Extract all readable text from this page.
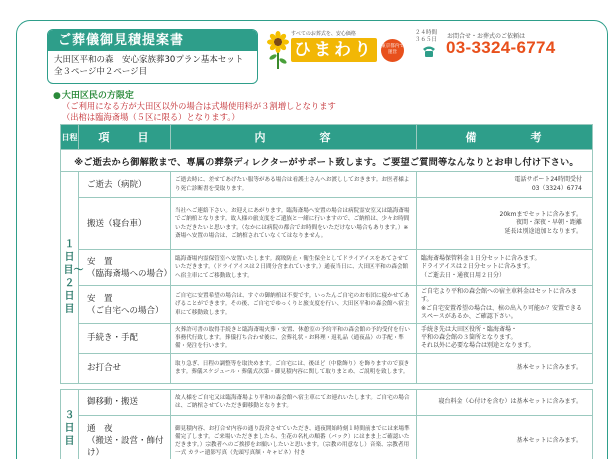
ご葬儀御見積提案書
大田区平和の森　安心家族葬30プラン基本セット
全３ページ中２ページ目
すべてのお葬式を、安心価格
ひまわり	東京都内で運営
２４時間 ３６５日 お問合せ・お葬式のご依頼は
03-3324-6774
● 大田区民の方限定
（ご利用になる方が大田区以外の場合は式場使用料が３割増しとなります
（出棺は臨海斎場（５区に限る）となります。）
日程	項　　目	内　　　　容	備　　　　考
※ご逝去から御解散まで、専属の葬祭ディレクターがサポート致します。ご要望ご質問等なんなりとお申し付け下さい。			
１日目〜２日目	ご逝去（病院）	ご逝去時に、差せてあげたい服等がある場合は看護士さんへお渡ししておきます。お医者様より死亡診断書を受取ります。	電話サポート24時間受付
03（3324）6774
	搬送（寝台車）	当社へご連絡下さい。お迎えにあがります。臨海斎場へ安置の場合は病院霊安室又は臨海斎場でご納棺となります。故人様の旅支度をご遺族と一緒に行いますので、ご納棺は、少々お時間いただきたいと思います。（なかには病院の都合でお時間をいただけない場合もあります。）※斎場へ安置の場合は、ご納棺されていなくてはなりません。	20kmまでセットに含みます。
夜間・深夜・早朝・距離
延長は別途追加となります。
	安　置
（臨海斎場への場合）	臨海斎場内霊保管室へ安置いたします。腐敗防止・衛生保全としてドライアイスをあてさせていただきます。（ドライアイスは２日間分含まれています。）通夜当日に、大田区平和の森会館へ宿主車にてご移動致します。	臨海斎場保管料金１日分セットに含みます。
ドライアイスは２日分セットに含みます。
（ご逝去日・通夜日用２日分）
	安　置
（ご自宅への場合）	ご自宅に安置希望の場合は、すぐの御納棺は不要です。いったんご自宅のお布団に寝かせてあげることができます。その後、ご自宅でゆっくりと旅支度を行い、大田区平和の森会館へ宿主車にて移動致します。	ご自宅より平和の森会館への宿主車料金はセットに含みます。
※ご自宅安置希望の場合は、棺の出入り可能か？安置できるスペースがあるか、ご確認下さい。
	手続き・手配	火葬許可書の取得手続きと臨海斎場火葬・安置、休憩室の予約平和の森会館の予約受付を行い事務代行致します。葬儀打ち合わせ後に、会葬礼状・お料理・返礼品（通夜品）の手配・準備・発注を行います。	手続き先は大田区役所・臨海斎場・
平和の森会館の３箇所となります。
それ以外に必要な場合は別途となります。
	お打合せ	取り急ぎ、日程の調整等を取決めます。ご自宅には、後ほど（中陰飾り）を飾りますので頂きます。葬儀スケジュール・葬儀式次第・御見積内容に関して取りまとめ、ご説明を致します。	基本セットに含みます。

３日目	御移動・搬送	故人様をご自宅又は臨海斎場より平和の森会館へ宿主車にてお連れいたします。ご自宅の場合は、ご納棺させていただき御移動となります。	寝台料金（心付けを含む）は基本セットに含みます。
	通　夜
（搬送・設営・飾付け）	御見積内容、お打合せ内容の通り設営させていただき、通夜開始時刻１時間前までには来場準備完了します。ご来場いただきましたら、生花の名札の順番（バック）にはまま上ご確認いただきます。）宗教者へのご挨拶をお願いしたいと思います。（宗教の用意なし）音楽、宗教者用一式 カラー遺影写真（先頭写真額・キャビネ）付き	基本セットに含みます。
